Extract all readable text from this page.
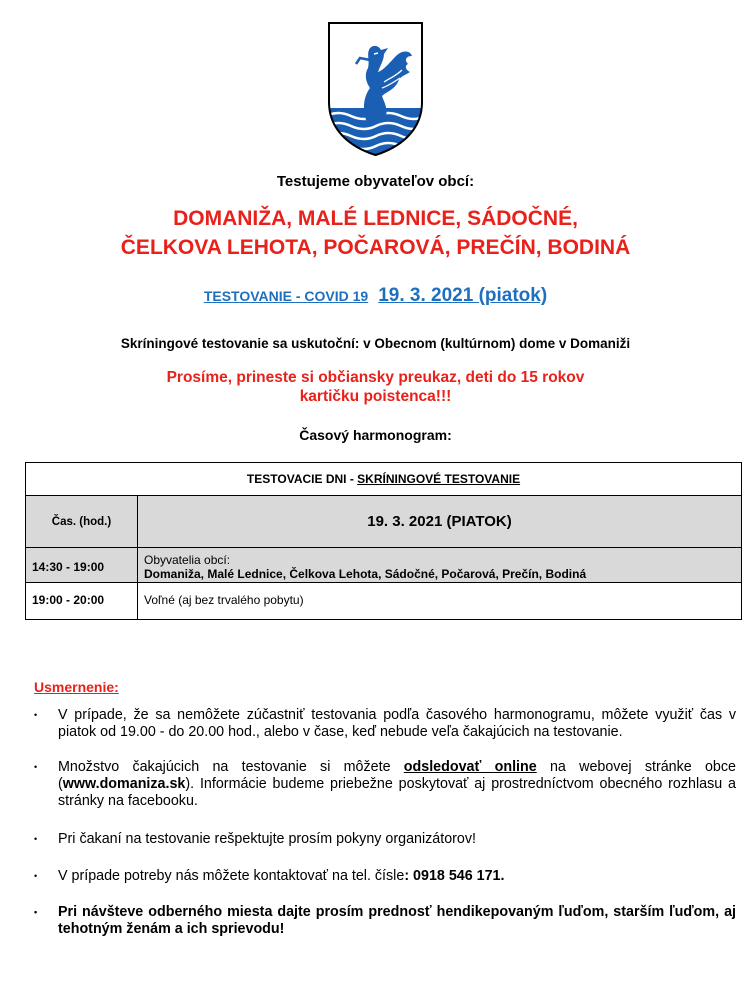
Testujeme obyvateľov obcí:
DOMANIŽA, MALÉ LEDNICE, SÁDOČNÉ,
ČELKOVA LEHOTA, POČAROVÁ, PREČÍN, BODINÁ
TESTOVANIE - COVID 19 19. 3. 2021 (piatok)
Skríningové testovanie sa uskutoční: v Obecnom (kultúrnom) dome v Domaniži
Prosíme, prineste si občiansky preukaz, deti do 15 rokov
kartičku poistenca!!!
Časový harmonogram:
TESTOVACIE DNI - SKRÍNINGOVÉ TESTOVANIE	
Čas. (hod.)	19. 3. 2021 (PIATOK)
14:30 - 19:00	Obyvatelia obcí:
Domaniža, Malé Lednice, Čelkova Lehota, Sádočné, Počarová, Prečín, Bodiná

19:00 - 20:00	Voľné (aj bez trvalého pobytu)
Usmernenie:
• V prípade, že sa nemôžete zúčastniť testovania podľa časového harmonogramu, môžete využiť čas v piatok od 19.00 - do 20.00 hod., alebo v čase, keď nebude veľa čakajúcich na testovanie.
• Množstvo čakajúcich na testovanie si môžete odsledovať online na webovej stránke obce (www.domaniza.sk). Informácie budeme priebežne poskytovať aj prostredníctvom obecného rozhlasu a stránky na facebooku.
• Pri čakaní na testovanie rešpektujte prosím pokyny organizátorov!
• V prípade potreby nás môžete kontaktovať na tel. čísle: 0918 546 171.
• Pri návšteve odberného miesta dajte prosím prednosť hendikepovaným ľuďom, starším ľuďom, aj tehotným ženám a ich sprievodu!
